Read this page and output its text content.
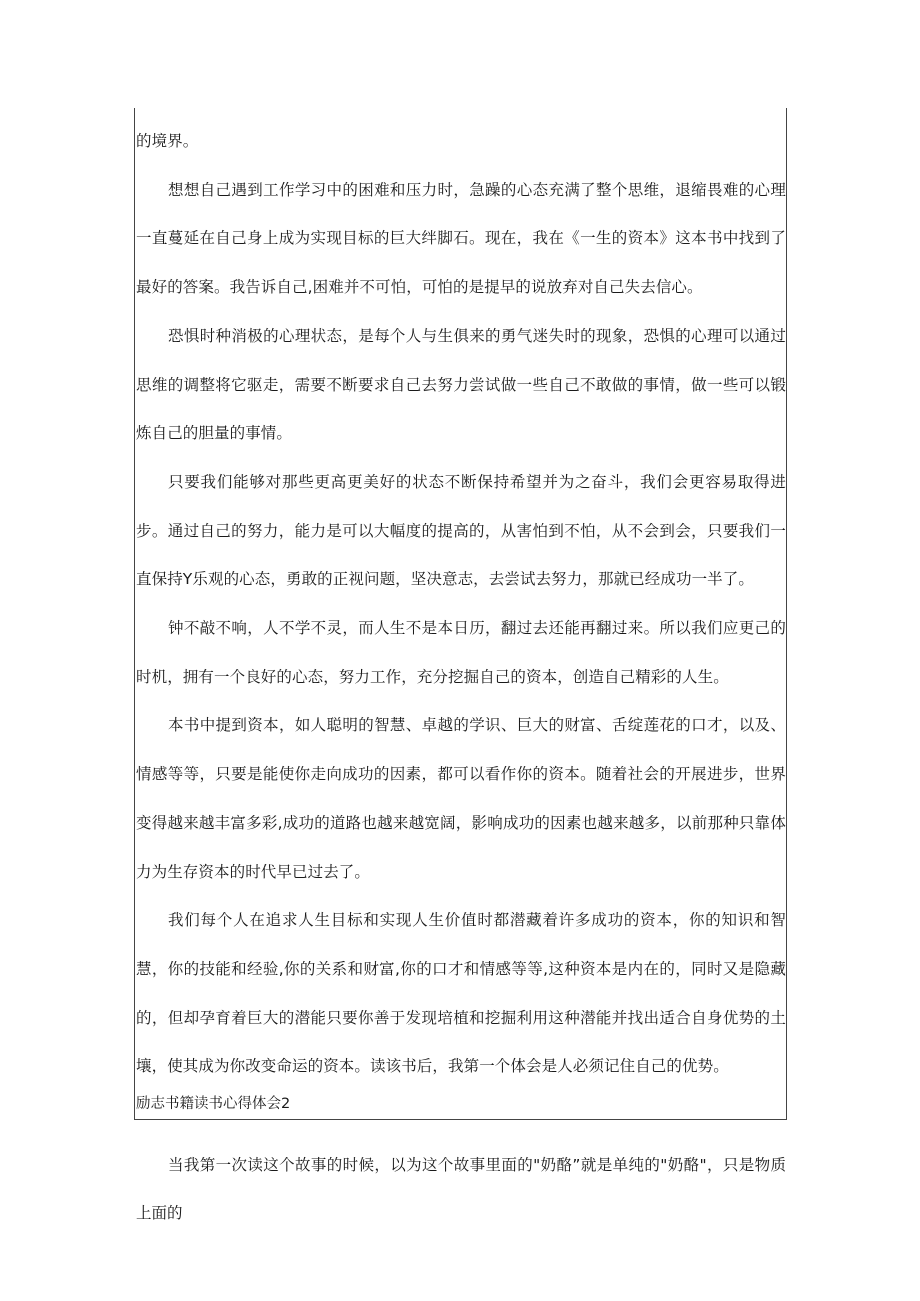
的境界。

想想自己遇到工作学习中的困难和压力时，急躁的心态充满了整个思维，退缩畏难的心理一直蔓延在自己身上成为实现目标的巨大绊脚石。现在，我在《一生的资本》这本书中找到了最好的答案。我告诉自己,困难并不可怕，可怕的是提早的说放弃对自己失去信心。

恐惧时种消极的心理状态，是每个人与生俱来的勇气迷失时的现象，恐惧的心理可以通过思维的调整将它驱走，需要不断要求自己去努力尝试做一些自己不敢做的事情，做一些可以锻炼自己的胆量的事情。

只要我们能够对那些更高更美好的状态不断保持希望并为之奋斗，我们会更容易取得进步。通过自己的努力，能力是可以大幅度的提高的，从害怕到不怕，从不会到会，只要我们一直保持Y乐观的心态，勇敢的正视问题，坚决意志，去尝试去努力，那就已经成功一半了。

钟不敲不响，人不学不灵，而人生不是本日历，翻过去还能再翻过来。所以我们应更己的时机，拥有一个良好的心态，努力工作，充分挖掘自己的资本，创造自己精彩的人生。

本书中提到资本，如人聪明的智慧、卓越的学识、巨大的财富、舌绽莲花的口才，以及、情感等等，只要是能使你走向成功的因素，都可以看作你的资本。随着社会的开展进步，世界变得越来越丰富多彩,成功的道路也越来越宽阔，影响成功的因素也越来越多，以前那种只靠体力为生存资本的时代早已过去了。

我们每个人在追求人生目标和实现人生价值时都潜藏着许多成功的资本，你的知识和智慧，你的技能和经验,你的关系和财富,你的口才和情感等等,这种资本是内在的，同时又是隐藏的，但却孕育着巨大的潜能只要你善于发现培植和挖掘利用这种潜能并找出适合自身优势的土壤，使其成为你改变命运的资本。读该书后，我第一个体会是人必须记住自己的优势。

励志书籍读书心得体会2
当我第一次读这个故事的时候，以为这个故事里面的"奶酪”就是单纯的"奶酪"，只是物质上面的
